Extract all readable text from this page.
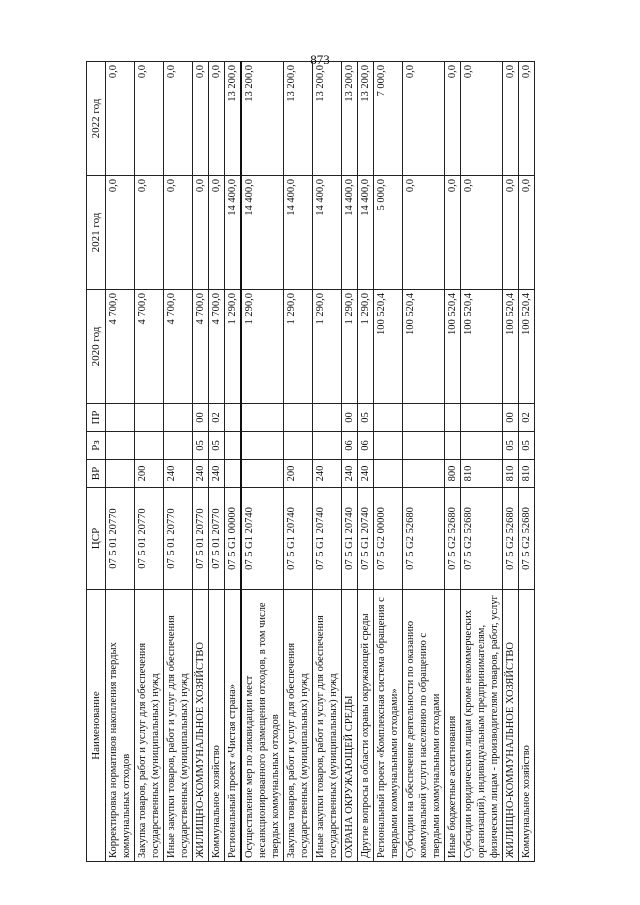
873
Наименование	ЦСР	ВР	Рз	ПР	2020 год	2021 год	2022 год
Корректировка нормативов накопления твердых коммунальных отходов	07 5 01 20770				4 700,0	0,0	0,0
Закупка товаров, работ и услуг для обеспечения государственных (муниципальных) нужд	07 5 01 20770	200			4 700,0	0,0	0,0
Иные закупки товаров, работ и услуг для обеспечения государственных (муниципальных) нужд	07 5 01 20770	240			4 700,0	0,0	0,0
ЖИЛИЩНО-КОММУНАЛЬНОЕ ХОЗЯЙСТВО	07 5 01 20770	240	05	00	4 700,0	0,0	0,0
Коммунальное хозяйство	07 5 01 20770	240	05	02	4 700,0	0,0	0,0
Региональный проект «Чистая страна»	07 5 G1 00000				1 290,0	14 400,0	13 200,0
Осуществление мер по ликвидации мест несанкционированного размещения отходов, в том числе твердых коммунальных отходов	07 5 G1 20740				1 290,0	14 400,0	13 200,0
Закупка товаров, работ и услуг для обеспечения государственных (муниципальных) нужд	07 5 G1 20740	200			1 290,0	14 400,0	13 200,0
Иные закупки товаров, работ и услуг для обеспечения государственных (муниципальных) нужд	07 5 G1 20740	240			1 290,0	14 400,0	13 200,0
ОХРАНА ОКРУЖАЮЩЕЙ СРЕДЫ	07 5 G1 20740	240	06	00	1 290,0	14 400,0	13 200,0
Другие вопросы в области охраны окружающей среды	07 5 G1 20740	240	06	05	1 290,0	14 400,0	13 200,0
Региональный проект «Комплексная система обращения с твердыми коммунальными отходами»	07 5 G2 00000				100 520,4	5 000,0	7 000,0
Субсидии на обеспечение деятельности по оказанию коммунальной услуги населению по обращению с твердыми коммунальными отходами	07 5 G2 52680				100 520,4	0,0	0,0
Иные бюджетные ассигнования	07 5 G2 52680	800			100 520,4	0,0	0,0
Субсидии юридическим лицам (кроме некоммерческих организаций), индивидуальным предпринимателям, физическим лицам - производителям товаров, работ, услуг	07 5 G2 52680	810			100 520,4	0,0	0,0
ЖИЛИЩНО-КОММУНАЛЬНОЕ ХОЗЯЙСТВО	07 5 G2 52680	810	05	00	100 520,4	0,0	0,0
Коммунальное хозяйство	07 5 G2 52680	810	05	02	100 520,4	0,0	0,0
